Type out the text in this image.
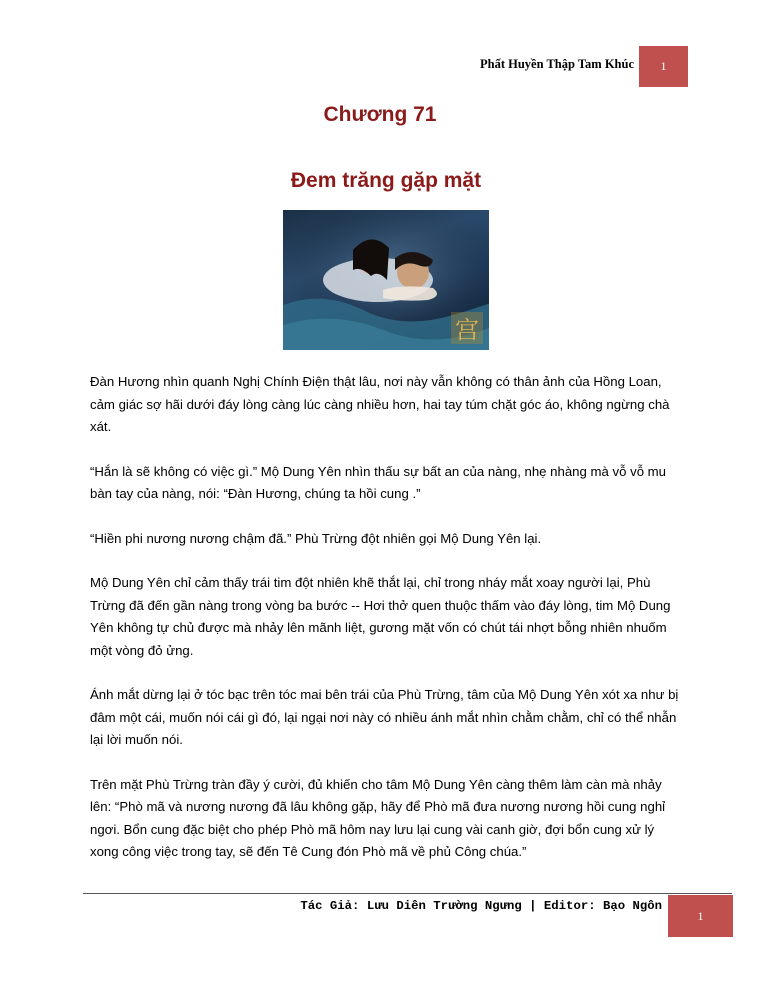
Phất Huyền Thập Tam Khúc	1
Chương 71
Đem trăng gặp mặt
宫

Đàn Hương nhìn quanh Nghị Chính Điện thật lâu, nơi này vẫn không có thân ảnh của Hồng Loan, cảm giác sợ hãi dưới đáy lòng càng lúc càng nhiều hơn, hai tay túm chặt góc áo, không ngừng chà xát.

“Hắn là sẽ không có việc gì.” Mộ Dung Yên nhìn thấu sự bất an của nàng, nhẹ nhàng mà vỗ vỗ mu bàn tay của nàng, nói: “Đàn Hương, chúng ta hồi cung .”

“Hiền phi nương nương chậm đã.” Phù Trừng đột nhiên gọi Mộ Dung Yên lại.

Mộ Dung Yên chỉ cảm thấy trái tim đột nhiên khẽ thắt lại, chỉ trong nháy mắt xoay người lại, Phù Trừng đã đến gần nàng trong vòng ba bước -- Hơi thở quen thuộc thấm vào đáy lòng, tim Mộ Dung Yên không tự chủ được mà nhảy lên mãnh liệt, gương mặt vốn có chút tái nhợt bỗng nhiên nhuốm một vòng đỏ ửng.

Ánh mắt dừng lại ở tóc bạc trên tóc mai bên trái của Phù Trừng, tâm của Mộ Dung Yên xót xa như bị đâm một cái, muốn nói cái gì đó, lại ngại nơi này có nhiều ánh mắt nhìn chằm chằm, chỉ có thể nhẫn lại lời muốn nói.

Trên mặt Phù Trừng tràn đầy ý cười, đủ khiến cho tâm Mộ Dung Yên càng thêm làm càn mà nhảy lên: “Phò mã và nương nương đã lâu không gặp, hãy để Phò mã đưa nương nương hồi cung nghỉ ngơi. Bổn cung đặc biệt cho phép Phò mã hôm nay lưu lại cung vài canh giờ, đợi bổn cung xử lý xong công việc trong tay, sẽ đến Tê Cung đón Phò mã về phủ Công chúa.”

Tác Giả: Lưu Diên Trường Ngưng | Editor: Bạo Ngôn
1
